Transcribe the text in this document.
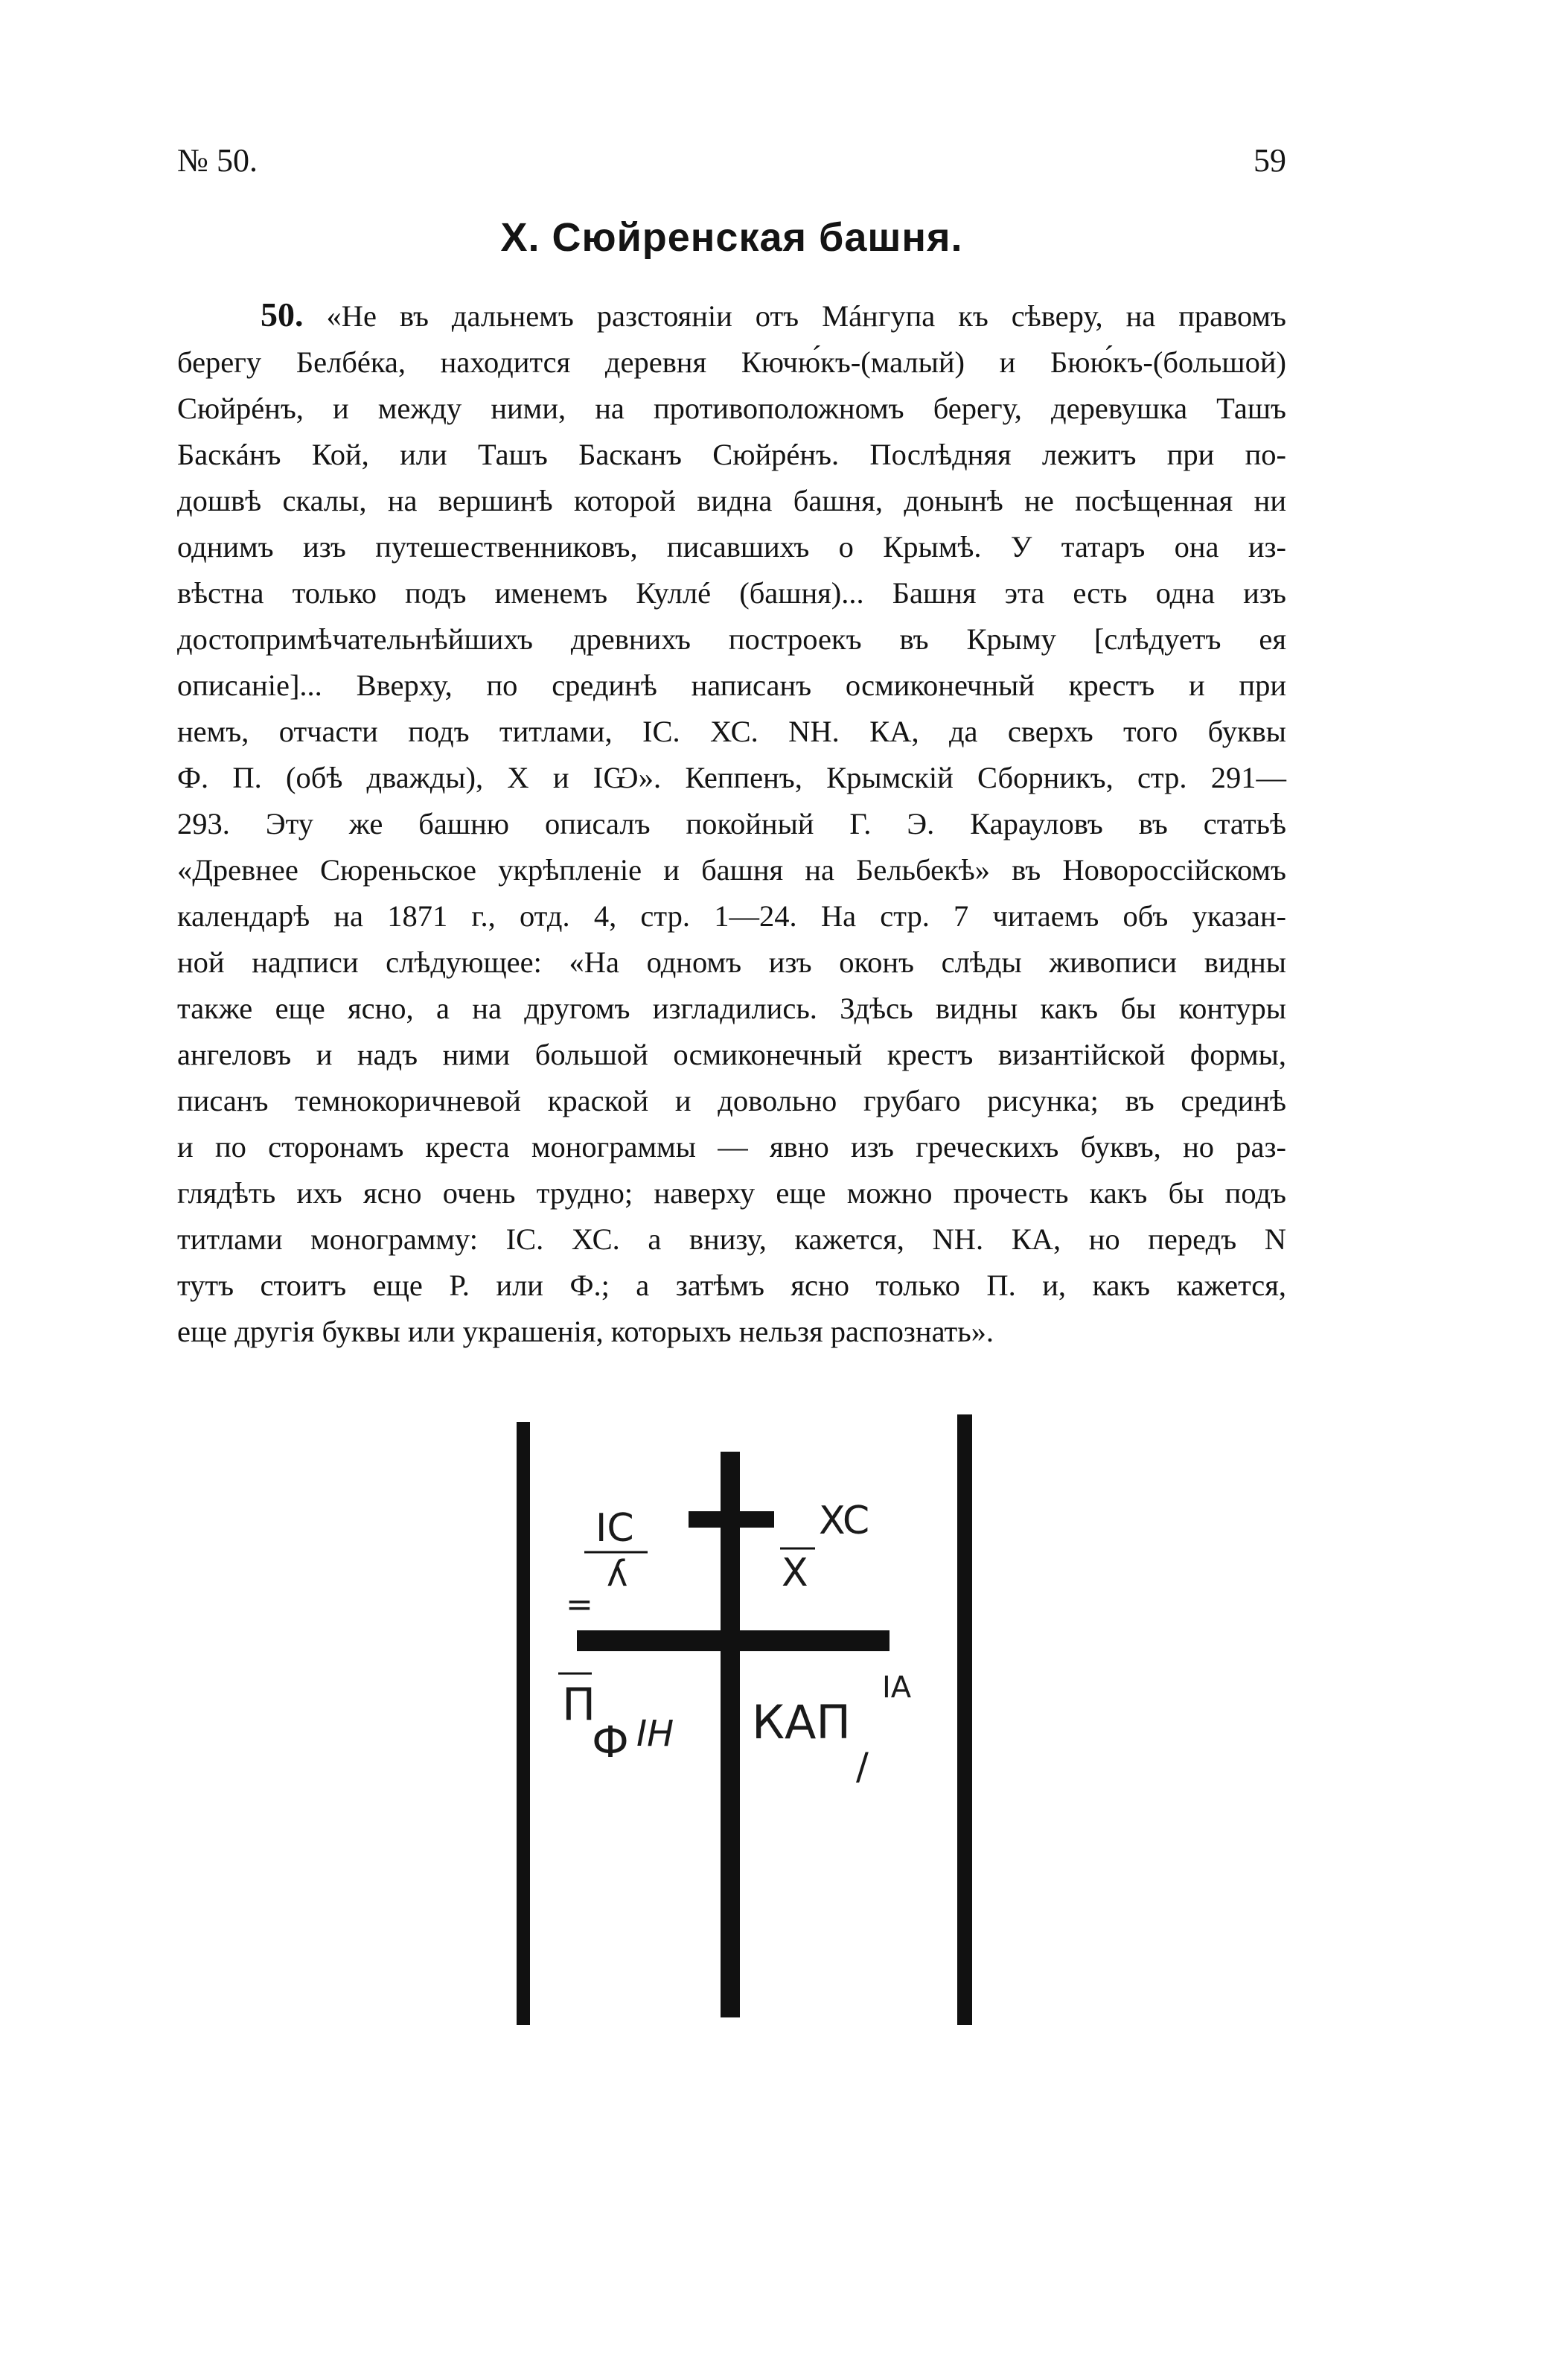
№ 50.	59
X. Сюйренская башня.
50. «Не въ дальнемъ разстояніи отъ Мáнгупа къ сѣверу, на правомъ
берегу Белбéка, находится деревня Кючю́къ-(малый) и Бюю́къ-(большой)
Сюйрéнъ, и между ними, на противоположномъ берегу, деревушка Ташъ
Баскáнъ Кой, или Ташъ Басканъ Сюйрéнъ. Послѣдняя лежитъ при по-
дошвѣ скалы, на вершинѣ которой видна башня, донынѣ не посѣщенная ни
однимъ изъ путешественниковъ, писавшихъ о Крымѣ. У татаръ она из-
вѣстна только подъ именемъ Куллé (башня)... Башня эта есть одна изъ
достопримѣчательнѣйшихъ древнихъ построекъ въ Крыму [слѣдуетъ ея
описаніе]... Вверху, по срединѣ написанъ осмиконечный крестъ и при
немъ, отчасти подъ титлами, ІС. ХС. NH. КА, да сверхъ того буквы
Ф. П. (обѣ дважды), Х и IѠ». Кеппенъ, Крымскій Сборникъ, стр. 291—
293. Эту же башню описалъ покойный Г. Э. Карауловъ въ статьѣ
«Древнее Сюреньское укрѣпленіе и башня на Бельбекѣ» въ Новороссійскомъ
календарѣ на 1871 г., отд. 4, стр. 1—24. На стр. 7 читаемъ объ указан-
ной надписи слѣдующее: «На одномъ изъ оконъ слѣды живописи видны
также еще ясно, а на другомъ изгладились. Здѣсь видны какъ бы контуры
ангеловъ и надъ ними большой осмиконечный крестъ византійской формы,
писанъ темнокоричневой краской и довольно грубаго рисунка; въ срединѣ
и по сторонамъ креста монограммы — явно изъ греческихъ буквъ, но раз-
глядѣть ихъ ясно очень трудно; наверху еще можно прочесть какъ бы подъ
титлами монограмму: ІС. ХС. а внизу, кажется, NH. КА, но передъ N
тутъ стоитъ еще Р. или Ф.; а затѣмъ ясно только П. и, какъ кажется,
еще другія буквы или украшенія, которыхъ нельзя распознать».
IC
ʎ
XC
X
=
П
Ф IH КАП
IA
/
